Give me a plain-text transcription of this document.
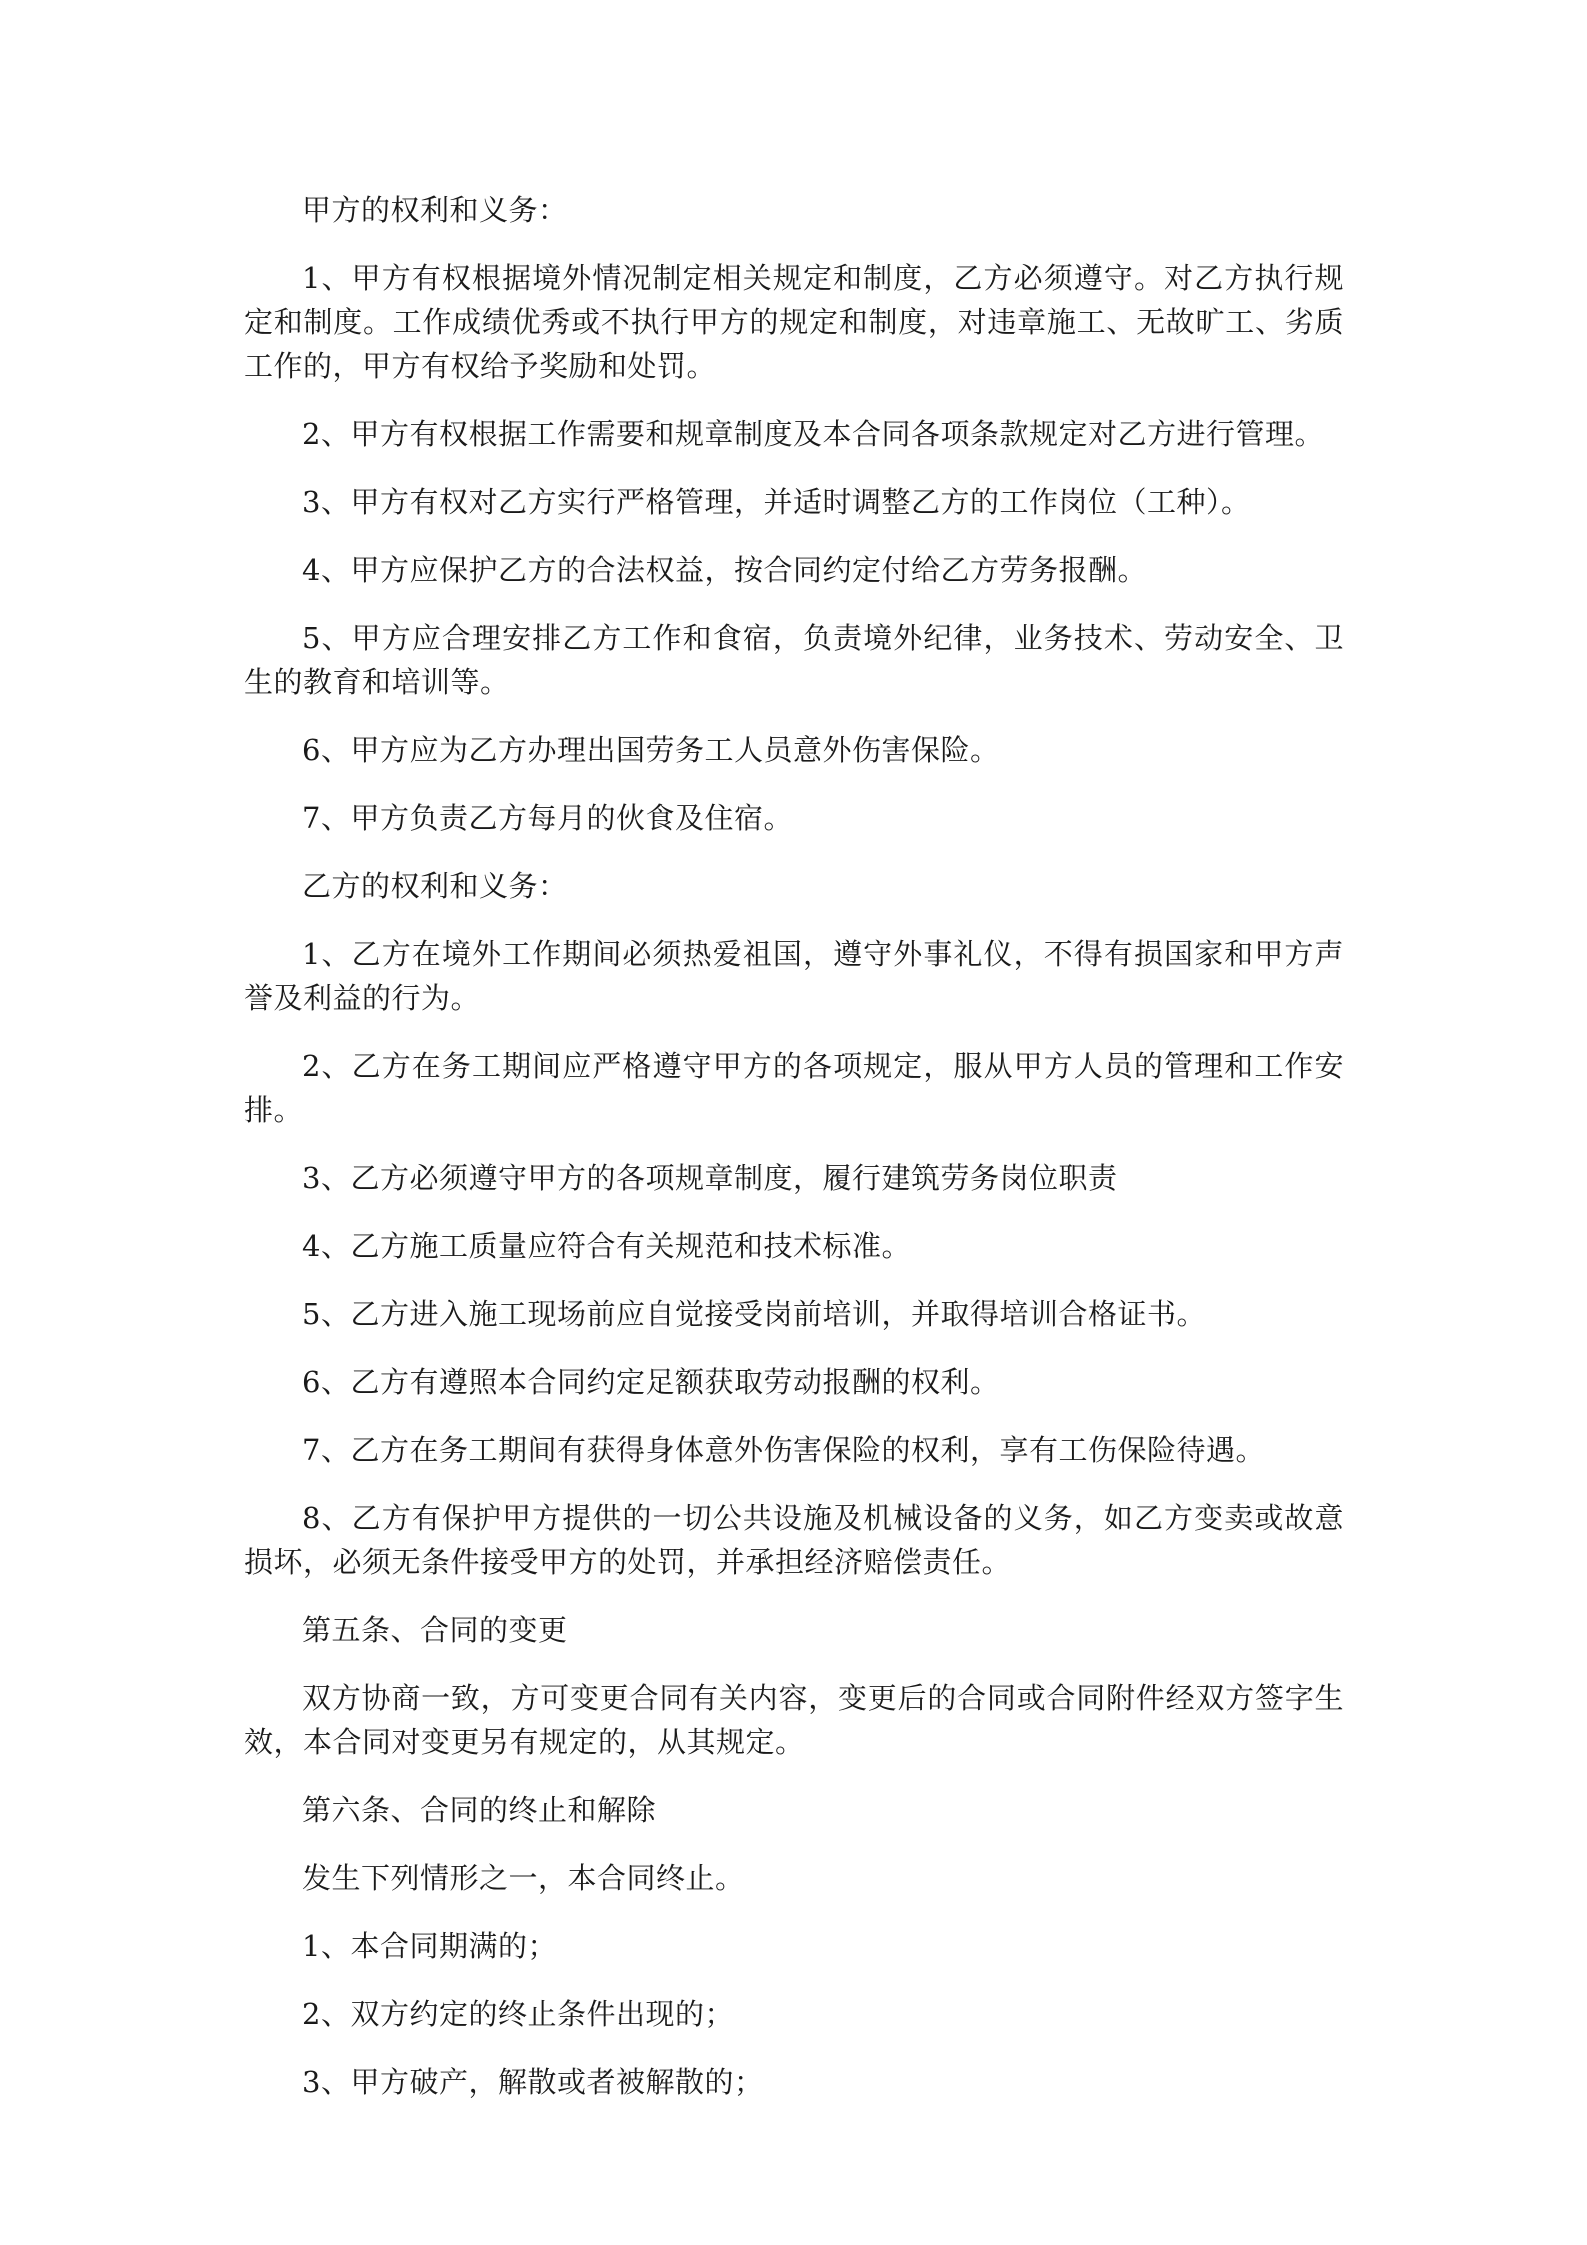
甲方的权利和义务：

1、甲方有权根据境外情况制定相关规定和制度，乙方必须遵守。对乙方执行规定和制度。工作成绩优秀或不执行甲方的规定和制度，对违章施工、无故旷工、劣质工作的，甲方有权给予奖励和处罚。

2、甲方有权根据工作需要和规章制度及本合同各项条款规定对乙方进行管理。

3、甲方有权对乙方实行严格管理，并适时调整乙方的工作岗位（工种）。

4、甲方应保护乙方的合法权益，按合同约定付给乙方劳务报酬。

5、甲方应合理安排乙方工作和食宿，负责境外纪律，业务技术、劳动安全、卫生的教育和培训等。

6、甲方应为乙方办理出国劳务工人员意外伤害保险。

7、甲方负责乙方每月的伙食及住宿。

乙方的权利和义务：

1、乙方在境外工作期间必须热爱祖国，遵守外事礼仪，不得有损国家和甲方声誉及利益的行为。

2、乙方在务工期间应严格遵守甲方的各项规定，服从甲方人员的管理和工作安排。

3、乙方必须遵守甲方的各项规章制度，履行建筑劳务岗位职责

4、乙方施工质量应符合有关规范和技术标准。

5、乙方进入施工现场前应自觉接受岗前培训，并取得培训合格证书。

6、乙方有遵照本合同约定足额获取劳动报酬的权利。

7、乙方在务工期间有获得身体意外伤害保险的权利，享有工伤保险待遇。

8、乙方有保护甲方提供的一切公共设施及机械设备的义务，如乙方变卖或故意损坏，必须无条件接受甲方的处罚，并承担经济赔偿责任。

第五条、合同的变更

双方协商一致，方可变更合同有关内容，变更后的合同或合同附件经双方签字生效，本合同对变更另有规定的，从其规定。

第六条、合同的终止和解除

发生下列情形之一，本合同终止。

1、本合同期满的；

2、双方约定的终止条件出现的；

3、甲方破产，解散或者被解散的；
